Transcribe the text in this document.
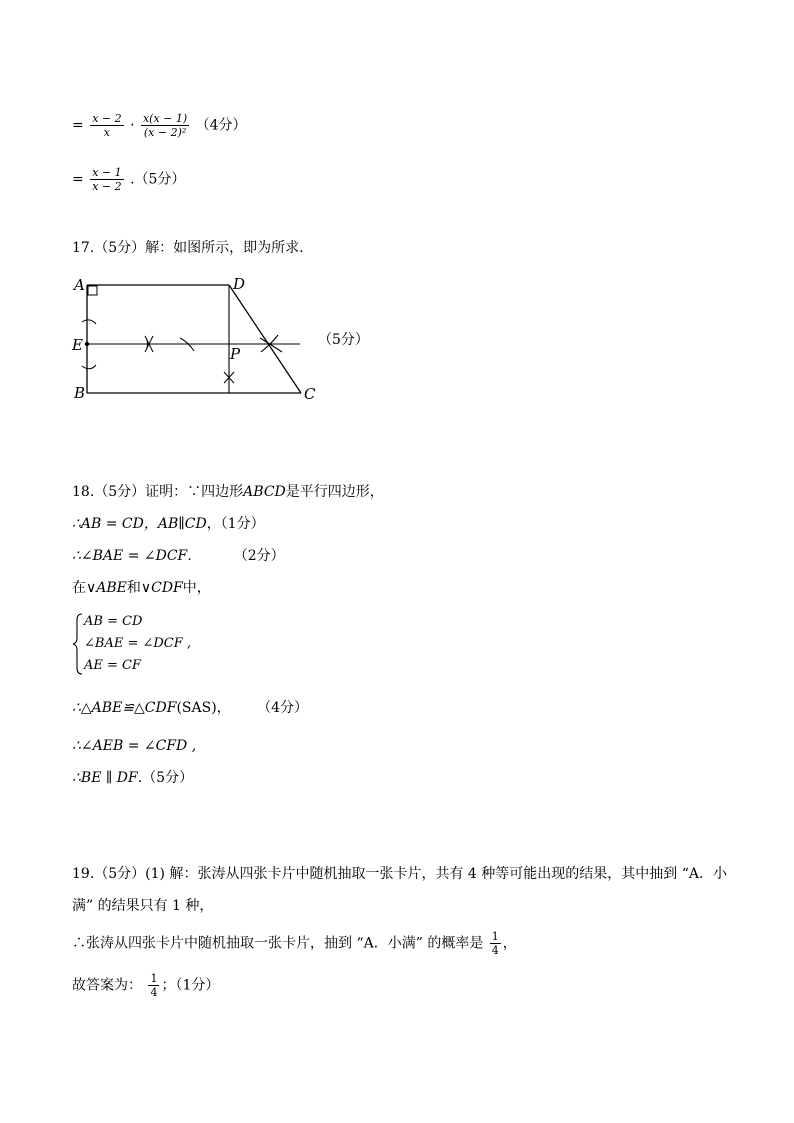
= $\frac{x - 2}{x} \cdot \frac{x(x - 1)}{\text{(x − 2)²}} (4$分）
= $\frac{x - 1}{x - 2} .(5$分）
17.（5分）解：如图所示，即为所求.
A	D
E	P
B	C
（5分）
18.（5分）证明：∵四边形ABCD是平行四边形，
∴AB = CD，AB∥CD，（1分）
∴∠BAE = ∠DCF． （2分）
在∨ABE和∨CDF中，
AB = CD
∠BAE = ∠DCF ,
AE = CF
∴△ABE≌△CDF(SAS)， （4分）
∴∠AEB = ∠CFD ,
∴BE ∥ DF.（5分）
19.（5分）(1) 解：张涛从四张卡片中随机抽取一张卡片，共有 4 种等可能出现的结果，其中抽到 “A．小满” 的结果只有 1 种，
∴张涛从四张卡片中随机抽取一张卡片，抽到 “A．小满” 的概率是 $\frac{1}{4}$ ，
故答案为： $\frac{1}{4}$ ；（1分）
